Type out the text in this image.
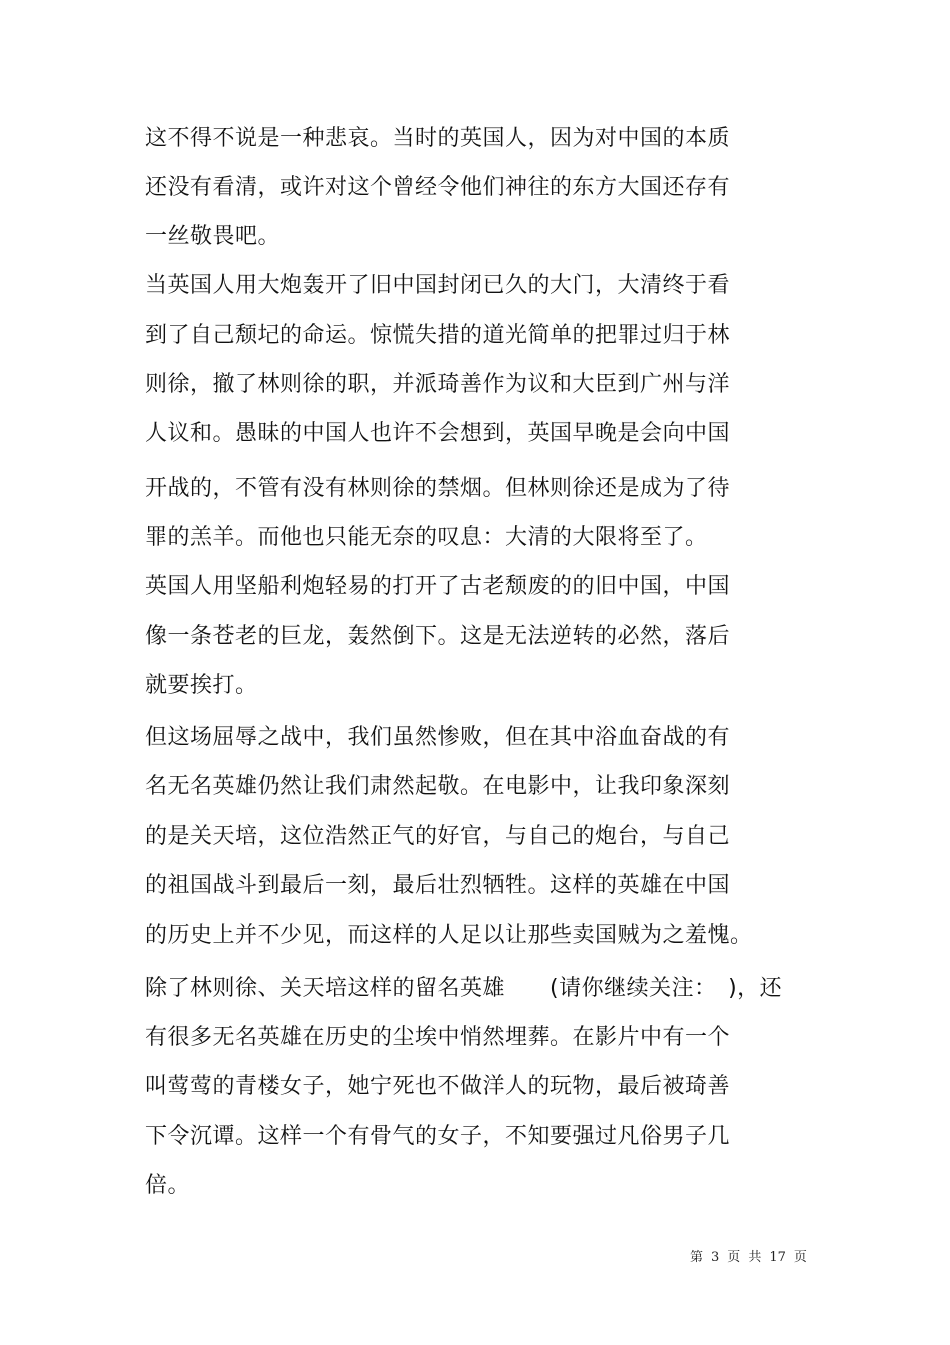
这不得不说是一种悲哀。当时的英国人，因为对中国的本质
还没有看清，或许对这个曾经令他们神往的东方大国还存有
一丝敬畏吧。
当英国人用大炮轰开了旧中国封闭已久的大门，大清终于看
到了自己颓圮的命运。惊慌失措的道光简单的把罪过归于林
则徐，撤了林则徐的职，并派琦善作为议和大臣到广州与洋
人议和。愚昧的中国人也许不会想到，英国早晚是会向中国
开战的，不管有没有林则徐的禁烟。但林则徐还是成为了待
罪的羔羊。而他也只能无奈的叹息：大清的大限将至了。
英国人用坚船利炮轻易的打开了古老颓废的的旧中国，中国
像一条苍老的巨龙，轰然倒下。这是无法逆转的必然，落后
就要挨打。
但这场屈辱之战中，我们虽然惨败，但在其中浴血奋战的有
名无名英雄仍然让我们肃然起敬。在电影中，让我印象深刻
的是关天培，这位浩然正气的好官，与自己的炮台，与自己
的祖国战斗到最后一刻，最后壮烈牺牲。这样的英雄在中国
的历史上并不少见，而这样的人足以让那些卖国贼为之羞愧。
除了林则徐、关天培这样的留名英雄　　(请你继续关注：　)，还
有很多无名英雄在历史的尘埃中悄然埋葬。在影片中有一个
叫莺莺的青楼女子，她宁死也不做洋人的玩物，最后被琦善
下令沉谭。这样一个有骨气的女子，不知要强过凡俗男子几
倍。
第 3 页 共 17 页
